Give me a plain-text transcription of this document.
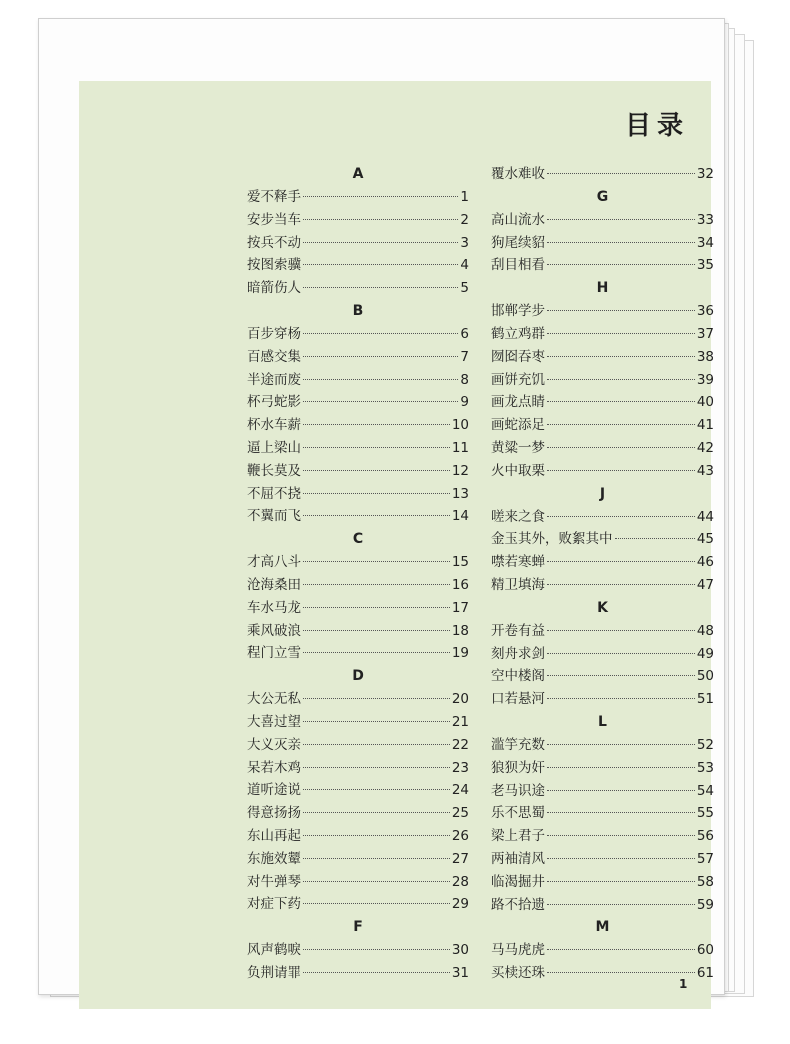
目录
A
爱不释手	1
安步当车	2
按兵不动	3
按图索骥	4
暗箭伤人	5
B
百步穿杨	6
百感交集	7
半途而废	8
杯弓蛇影	9
杯水车薪	10
逼上梁山	11
鞭长莫及	12
不屈不挠	13
不翼而飞	14
C
才高八斗	15
沧海桑田	16
车水马龙	17
乘风破浪	18
程门立雪	19
D
大公无私	20
大喜过望	21
大义灭亲	22
呆若木鸡	23
道听途说	24
得意扬扬	25
东山再起	26
东施效颦	27
对牛弹琴	28
对症下药	29
F
风声鹤唳	30
负荆请罪	31
覆水难收	32
G
高山流水	33
狗尾续貂	34
刮目相看	35
H
邯郸学步	36
鹤立鸡群	37
囫囵吞枣	38
画饼充饥	39
画龙点睛	40
画蛇添足	41
黄粱一梦	42
火中取栗	43
J
嗟来之食	44
金玉其外，败絮其中	45
噤若寒蝉	46
精卫填海	47
K
开卷有益	48
刻舟求剑	49
空中楼阁	50
口若悬河	51
L
滥竽充数	52
狼狈为奸	53
老马识途	54
乐不思蜀	55
梁上君子	56
两袖清风	57
临渴掘井	58
路不拾遗	59
M
马马虎虎	60
买椟还珠	61
1
